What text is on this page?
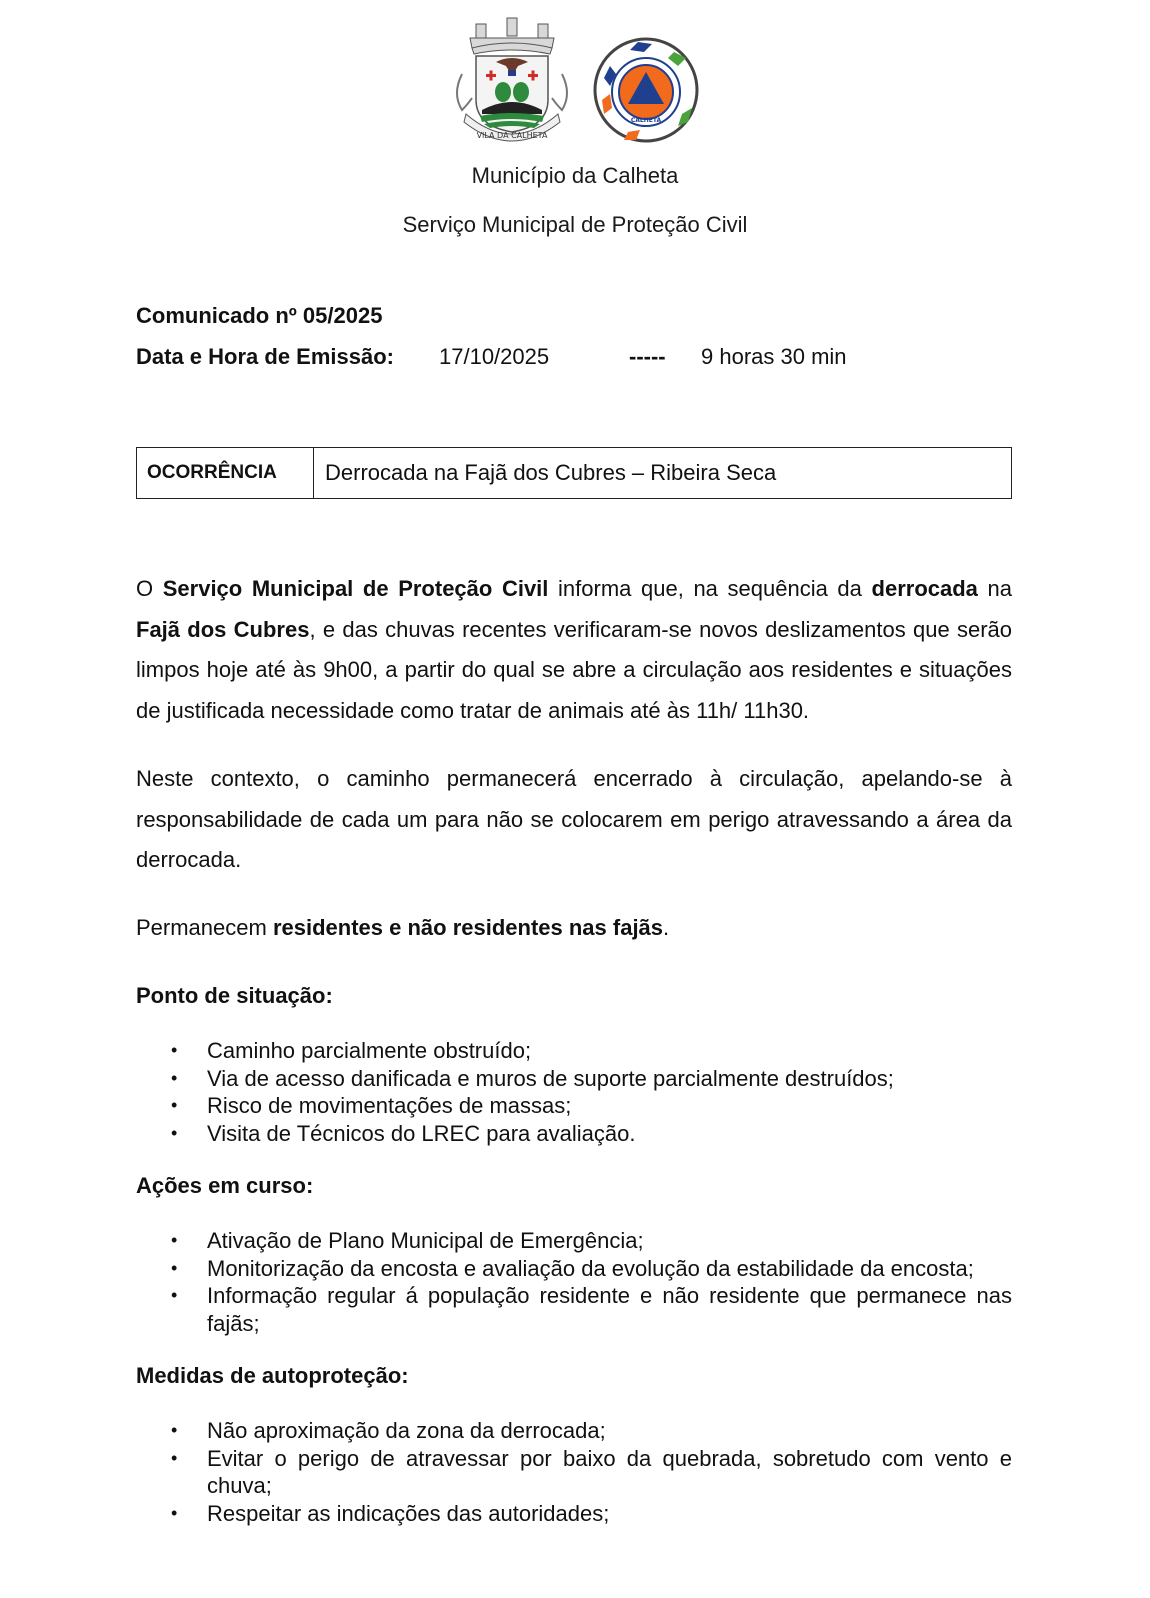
VILA DA CALHETA
CALHETA
Município da Calheta
Serviço Municipal de Proteção Civil
Comunicado nº 05/2025
Data e Hora de Emissão: 17/10/2025	----- 9 horas 30 min
OCORRÊNCIA	Derrocada na Fajã dos Cubres – Ribeira Seca
O Serviço Municipal de Proteção Civil informa que, na sequência da derrocada na Fajã dos Cubres, e das chuvas recentes verificaram-se novos deslizamentos que serão limpos hoje até às 9h00, a partir do qual se abre a circulação aos residentes e situações de justificada necessidade como tratar de animais até às 11h/ 11h30.
Neste contexto, o caminho permanecerá encerrado à circulação, apelando-se à responsabilidade de cada um para não se colocarem em perigo atravessando a área da derrocada.
Permanecem residentes e não residentes nas fajãs.
Ponto de situação:
• Caminho parcialmente obstruído;
• Via de acesso danificada e muros de suporte parcialmente destruídos;
• Risco de movimentações de massas;
• Visita de Técnicos do LREC para avaliação.
Ações em curso:
• Ativação de Plano Municipal de Emergência;
• Monitorização da encosta e avaliação da evolução da estabilidade da encosta;
• Informação regular á população residente e não residente que permanece nas fajãs;
Medidas de autoproteção:
• Não aproximação da zona da derrocada;
• Evitar o perigo de atravessar por baixo da quebrada, sobretudo com vento e chuva;
• Respeitar as indicações das autoridades;
